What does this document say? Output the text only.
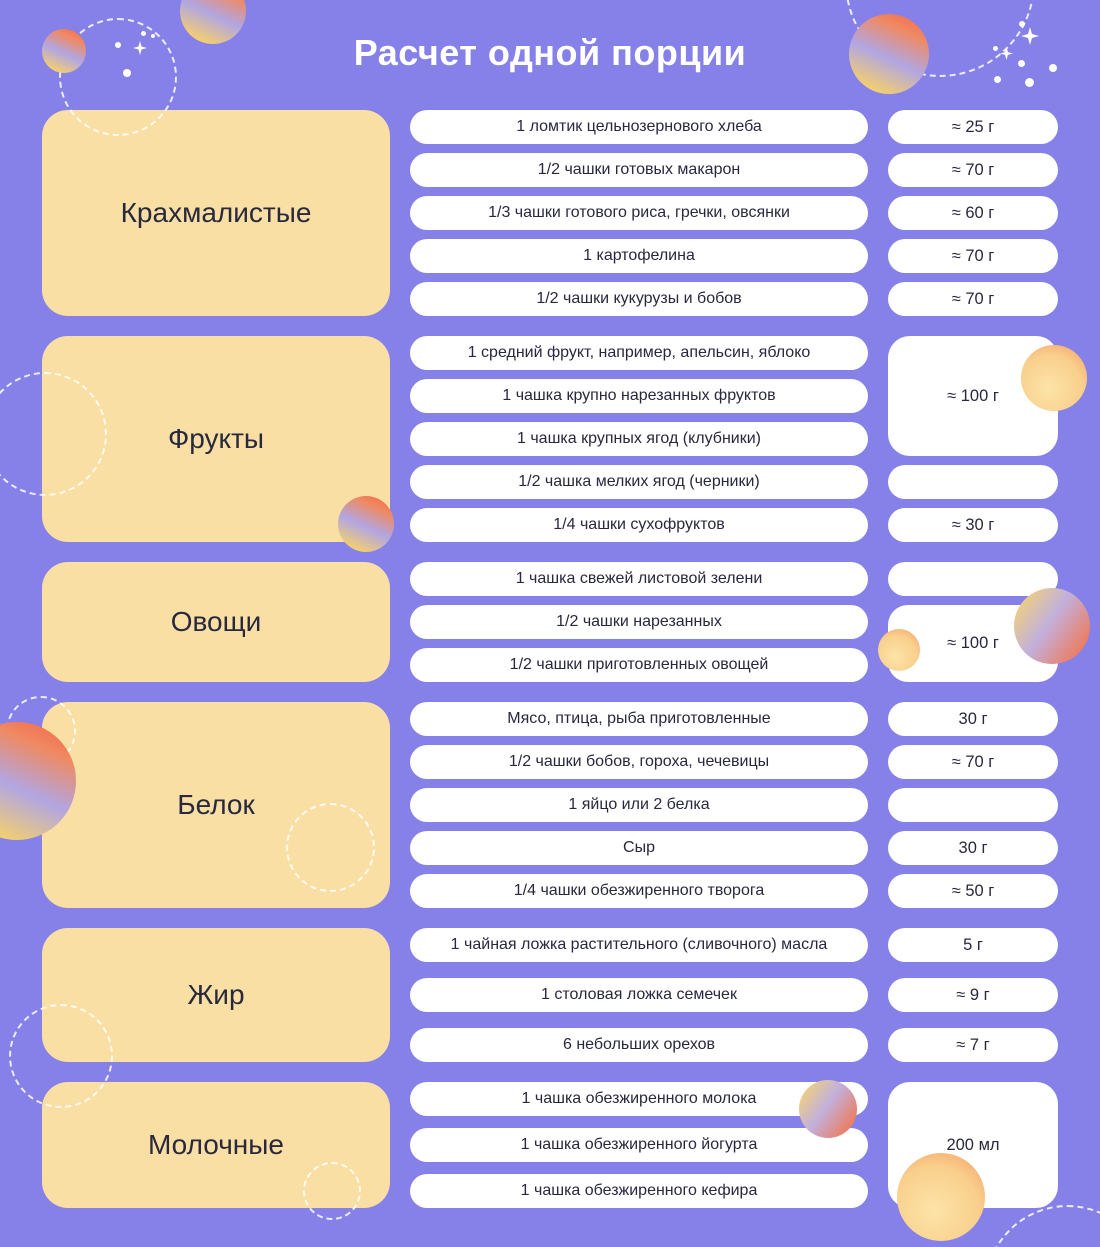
Расчет одной порции
Крахмалистые
1 ломтик цельнозернового хлеба
1/2 чашки готовых макарон
1/3 чашки готового риса, гречки, овсянки
1 картофелина
1/2 чашки кукурузы и бобов
≈ 25 г
≈ 70 г
≈ 60 г
≈ 70 г
≈ 70 г
Фрукты
1 средний фрукт, например, апельсин, яблоко
1 чашка крупно нарезанных фруктов
1 чашка крупных ягод (клубники)
1/2 чашка мелких ягод (черники)
1/4 чашки сухофруктов
≈ 100 г
≈ 30 г
Овощи
1 чашка свежей листовой зелени
1/2 чашки нарезанных
1/2 чашки приготовленных овощей
≈ 100 г
Белок
Мясо, птица, рыба приготовленные
1/2 чашки бобов, гороха, чечевицы
1 яйцо или 2 белка
Сыр
1/4 чашки обезжиренного творога
30 г
≈ 70 г
30 г
≈ 50 г
Жир
1 чайная ложка растительного (сливочного) масла
1 столовая ложка семечек
6 небольших орехов
5 г
≈ 9 г
≈ 7 г
Молочные
1 чашка обезжиренного молока
1 чашка обезжиренного йогурта
1 чашка обезжиренного кефира
200 мл
